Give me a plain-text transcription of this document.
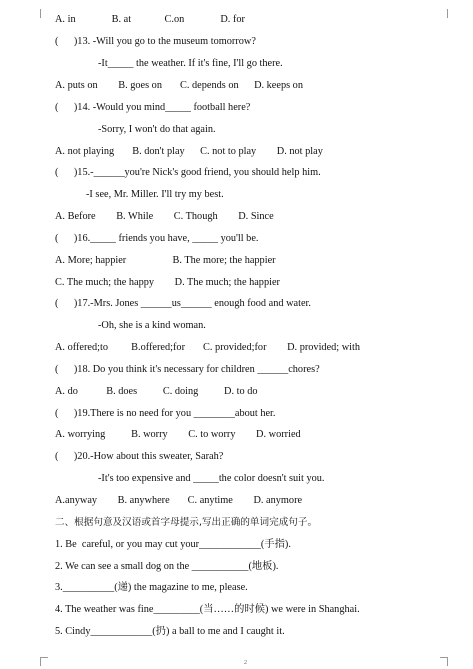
A. in              B. at             C.on              D. for
(      )13. -Will you go to the museum tomorrow?
-It_____ the weather. If it's fine, I'll go there.
A. puts on        B. goes on       C. depends on      D. keeps on
(      )14. -Would you mind_____ football here?
-Sorry, I won't do that again.
A. not playing       B. don't play      C. not to play        D. not play
(      )15.-______you're Nick's good friend, you should help him.
-I see, Mr. Miller. I'll try my best.
A. Before        B. While        C. Though        D. Since
(      )16._____ friends you have, _____ you'll be.
A. More; happier                  B. The more; the happier
C. The much; the happy        D. The much; the happier
(      )17.-Mrs. Jones ______us______ enough food and water.
-Oh, she is a kind woman.
A. offered;to         B.offered;for       C. provided;for        D. provided; with
(      )18. Do you think it's necessary for children ______chores?
A. do           B. does          C. doing          D. to do
(      )19.There is no need for you ________about her.
A. worrying          B. worry        C. to worry        D. worried
(      )20.-How about this sweater, Sarah?
-It's too expensive and _____the color doesn't suit you.
A.anyway        B. anywhere       C. anytime        D. anymore
二、根据句意及汉语或首字母提示,写出正确的单词完成句子。
1. Be  careful, or you may cut your____________(手指).
2. We can see a small dog on the ___________(地板).
3.__________(递) the magazine to me, please.
4. The weather was fine_________(当……的时候) we were in Shanghai.
5. Cindy____________(扔) a ball to me and I caught it.
2
